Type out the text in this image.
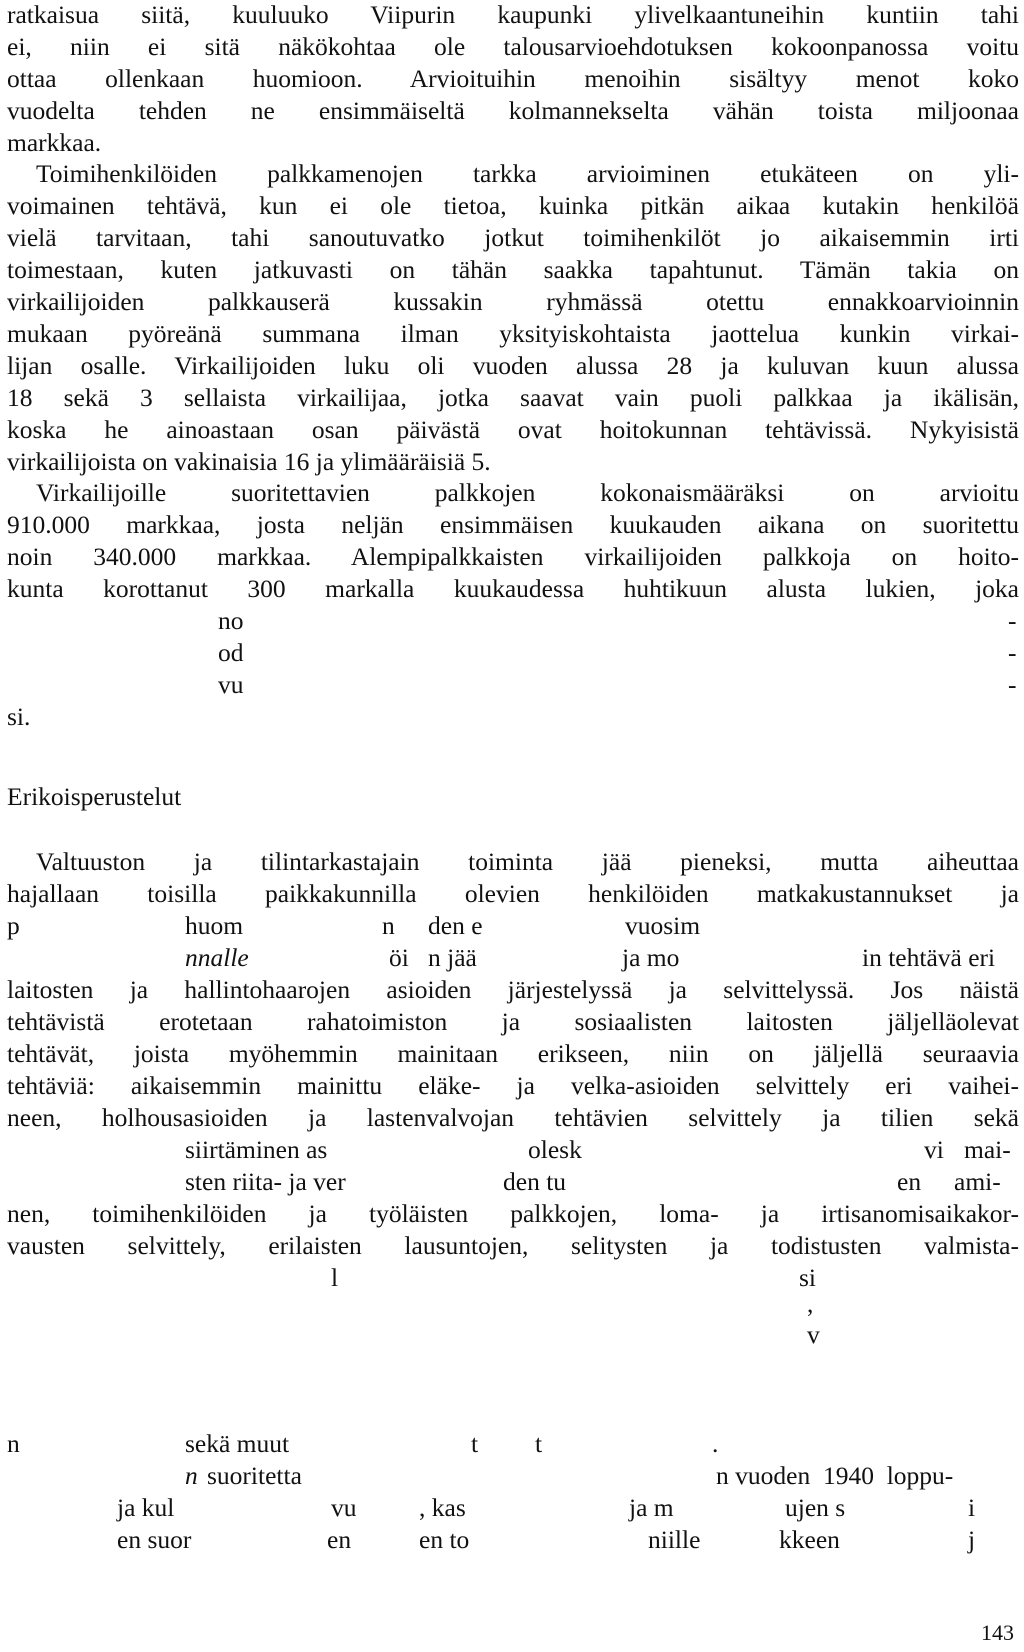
ratkaisua siitä, kuuluuko Viipurin kaupunki ylivelkaantuneihin kuntiin tahi
ei, niin ei sitä näkökohtaa ole talousarvioehdotuksen kokoonpanossa voitu
ottaa ollenkaan huomioon. Arvioituihin menoihin sisältyy menot koko
vuodelta tehden ne ensimmäiseltä kolmannekselta vähän toista miljoonaa
markkaa.
Toimihenkilöiden palkkamenojen tarkka arvioiminen etukäteen on yli-
voimainen tehtävä, kun ei ole tietoa, kuinka pitkän aikaa kutakin henkilöä
vielä tarvitaan, tahi sanoutuvatko jotkut toimihenkilöt jo aikaisemmin irti
toimestaan, kuten jatkuvasti on tähän saakka tapahtunut. Tämän takia on
virkailijoiden palkkauserä kussakin ryhmässä otettu ennakkoarvioinnin
mukaan pyöreänä summana ilman yksityiskohtaista jaottelua kunkin virkai-
lijan osalle. Virkailijoiden luku oli vuoden alussa 28 ja kuluvan kuun alussa
18 sekä 3 sellaista virkailijaa, jotka saavat vain puoli palkkaa ja ikälisän,
koska he ainoastaan osan päivästä ovat hoitokunnan tehtävissä. Nykyisistä
virkailijoista on vakinaisia 16 ja ylimääräisiä 5.
Virkailijoille suoritettavien palkkojen kokonaismääräksi on arvioitu
910.000 markkaa, josta neljän ensimmäisen kuukauden aikana on suoritettu
noin 340.000 markkaa. Alempipalkkaisten virkailijoiden palkkoja on hoito-
kunta korottanut 300 markalla kuukaudessa huhtikuun alusta lukien, joka
no	-
od	-
vu	-
si.
Erikoisperustelut
Valtuuston ja tilintarkastajain toiminta jää pieneksi, mutta aiheuttaa
hajallaan toisilla paikkakunnilla olevien henkilöiden matkakustannukset ja
p	huom	n den e	vuosim
nnalle	öi n jää	ja mo	in tehtävä eri
laitosten ja hallintohaarojen asioiden järjestelyssä ja selvittelyssä. Jos näistä
tehtävistä erotetaan rahatoimiston ja sosiaalisten laitosten jäljelläolevat
tehtävät, joista myöhemmin mainitaan erikseen, niin on jäljellä seuraavia
tehtäviä: aikaisemmin mainittu eläke- ja velka-asioiden selvittely eri vaihei-
neen, holhousasioiden ja lastenvalvojan tehtävien selvittely ja tilien sekä
siirtäminen as	olesk	vi mai-
sten riita- ja ver	den tu	en ami-
nen, toimihenkilöiden ja työläisten palkkojen, loma- ja irtisanomisaikakor-
vausten selvittely, erilaisten lausuntojen, selitysten ja todistusten valmista-
l	si
,
v
n	sekä muut	t t	.
n suoritetta	n vuoden  1940  loppu-
ja kul	vu , kas	ja m	ujen s	i
en suor	en	en to	niille	kkeen	j
143
